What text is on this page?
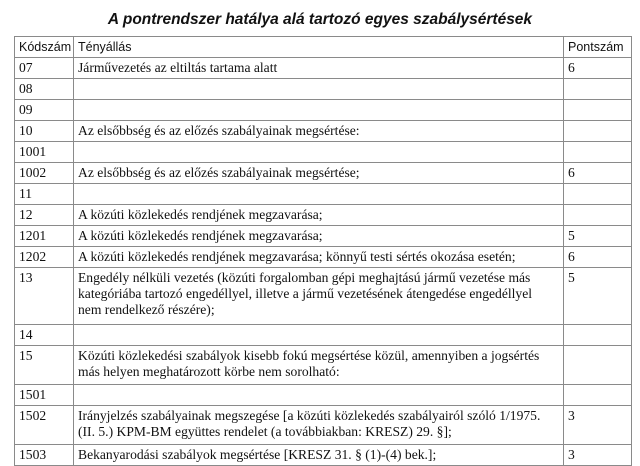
A pontrendszer hatálya alá tartozó egyes szabálysértések
Kódszám	Tényállás	Pontszám
07	Járművezetés az eltiltás tartama alatt	6
08		
09		
10	Az elsőbbség és az előzés szabályainak megsértése:	
1001		
1002	Az elsőbbség és az előzés szabályainak megsértése;	6
11		
12	A közúti közlekedés rendjének megzavarása;	
1201	A közúti közlekedés rendjének megzavarása;	5
1202	A közúti közlekedés rendjének megzavarása; könnyű testi sértés okozása esetén;	6
13	Engedély nélküli vezetés (közúti forgalomban gépi meghajtású jármű vezetése más
kategóriába tartozó engedéllyel, illetve a jármű vezetésének átengedése engedéllyel
nem rendelkező részére);	5
14		
15	Közúti közlekedési szabályok kisebb fokú megsértése közül, amennyiben a jogsértés
más helyen meghatározott körbe nem sorolható:	
1501		
1502	Irányjelzés szabályainak megszegése [a közúti közlekedés szabályairól szóló 1/1975.
(II. 5.) KPM-BM együttes rendelet (a továbbiakban: KRESZ) 29. §];	3
1503	Bekanyarodási szabályok megsértése [KRESZ 31. § (1)-(4) bek.];	3
